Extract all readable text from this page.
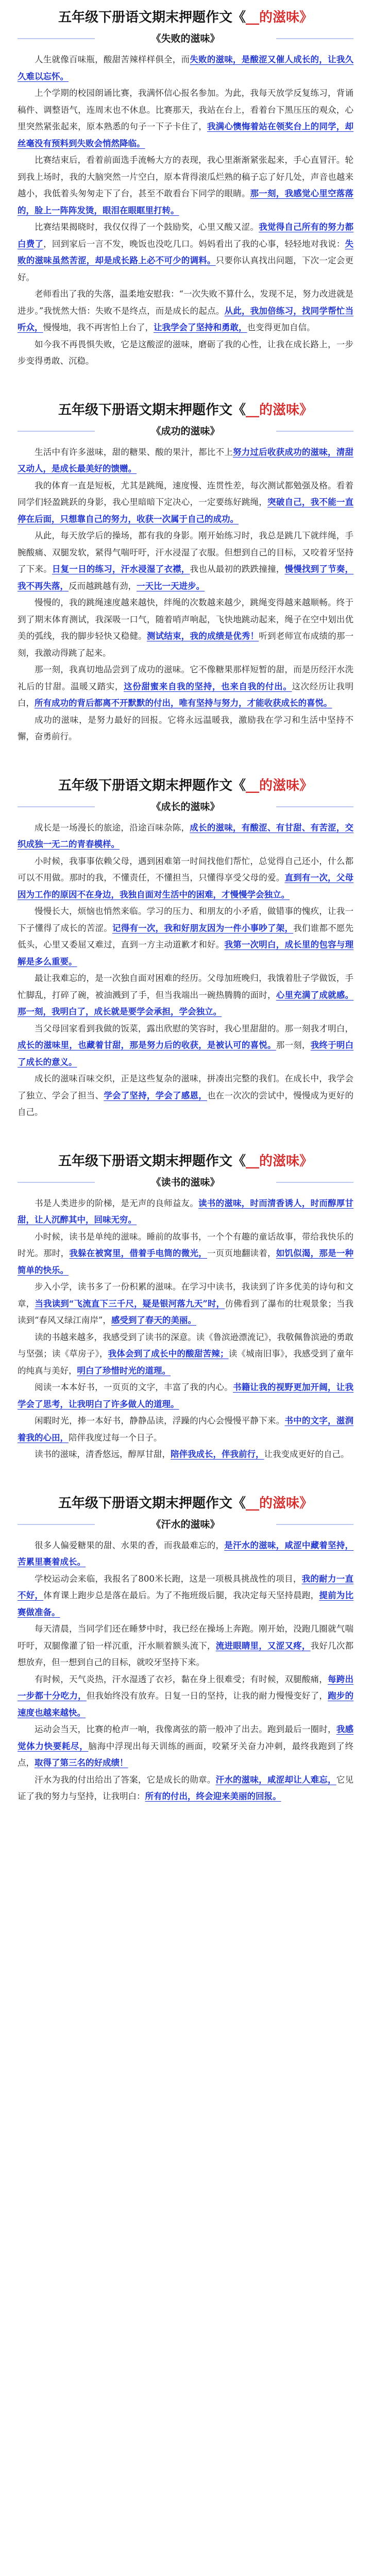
五年级下册语文期末押题作文《__的滋味》
《失败的滋味》

人生就像百味瓶，酸甜苦辣样样俱全，而失败的滋味，是酸涩又催人成长的，让我久久难以忘怀。

上个学期的校园朗诵比赛，我满怀信心报名参加。为此，我每天放学反复练习，背诵稿件、调整语气，连周末也不休息。比赛那天，我站在台上，看着台下黑压压的观众，心里突然紧张起来，原本熟悉的句子一下子卡住了，我满心懊悔着站在领奖台上的同学，却丝毫没有预料到失败会悄然降临。

比赛结束后，看着前面选手流畅大方的表现，我心里渐渐紧张起来，手心直冒汗。轮到我上场时，我的大脑突然一片空白，原本背得滚瓜烂熟的稿子忘了好几处，声音也越来越小，我低着头匆匆走下了台，甚至不敢看台下同学的眼睛。那一刻，我感觉心里空落落的，脸上一阵阵发烫，眼泪在眼眶里打转。

比赛结果揭晓时，我仅仅得了一个鼓励奖，心里又酸又涩。我觉得自己所有的努力都白费了，回到家后一言不发，晚饭也没吃几口。妈妈看出了我的心事，轻轻地对我说：失败的滋味虽然苦涩，却是成长路上必不可少的调料。只要你认真找出问题，下次一定会更好。

老师看出了我的失落，温柔地安慰我：“一次失败不算什么，发现不足，努力改进就是进步。”我恍然大悟：失败不是终点，而是成长的起点。从此，我加倍练习，找同学帮忙当听众，慢慢地，我不再害怕上台了，让我学会了坚持和勇敢，也变得更加自信。

如今我不再畏惧失败，它是这酸涩的滋味，磨砺了我的心性，让我在成长路上，一步步变得勇敢、沉稳。

五年级下册语文期末押题作文《__的滋味》
《成功的滋味》

生活中有许多滋味，甜的糖果、酸的果汁，都比不上努力过后收获成功的滋味，清甜又动人，是成长最美好的馈赠。

我的体育一直是短板，尤其是跳绳，速度慢、连贯性差，每次测试都勉强及格。看着同学们轻盈跳跃的身影，我心里暗暗下定决心，一定要练好跳绳，突破自己，我不能一直停在后面，只想靠自己的努力，收获一次属于自己的成功。

从此，每天放学后的操场，都有我的身影。刚开始练习时，我总是跳几下就绊绳，手腕酸痛、双腿发软，紧得气喘吁吁，汗水浸湿了衣服。但想到自己的目标，又咬着牙坚持了下来。日复一日的练习，汗水浸湿了衣襟，我也从最初的跌跌撞撞，慢慢找到了节奏，我不再失落，反而越跳越有劲，一天比一天进步。

慢慢的，我的跳绳速度越来越快，绊绳的次数越来越少，跳绳变得越来越顺畅。终于到了期末体育测试，我深吸一口气，随着哨声响起，飞快地跳动起来，绳子在空中划出优美的弧线，我的脚步轻快又稳健。测试结束，我的成绩是优秀！听到老师宣布成绩的那一刻，我激动得跳了起来。

那一刻，我真切地品尝到了成功的滋味。它不像糖果那样短暂的甜，而是历经汗水洗礼后的甘甜。温暖又踏实，这份甜蜜来自我的坚持，也来自我的付出。这次经历让我明白，所有成功的背后都离不开默默的付出，唯有坚持与努力，才能收获成长的喜悦。

成功的滋味，是努力最好的回报。它将永远温暖我，激励我在学习和生活中坚持不懈，奋勇前行。

五年级下册语文期末押题作文《__的滋味》
《成长的滋味》

成长是一场漫长的旅途，沿途百味杂陈，成长的滋味，有酸涩、有甘甜、有苦涩，交织成独一无二的青春模样。

小时候，我事事依赖父母，遇到困难第一时间找他们帮忙，总觉得自己还小，什么都可以不用做。那时的我，不懂责任，不懂担当，只懂得享受父母的爱。直到有一次，父母因为工作的原因不在身边，我独自面对生活中的困难，才慢慢学会独立。

慢慢长大，烦恼也悄然来临。学习的压力、和朋友的小矛盾，做错事的愧疚，让我一下子懂得了成长的苦涩。记得有一次，我和好朋友因为一件小事吵了架，我们谁都不愿先低头，心里又委屈又难过，直到一方主动道歉才和好。我第一次明白，成长里的包容与理解是多么重要。

最让我难忘的，是一次独自面对困难的经历。父母加班晚归，我饿着肚子学做饭，手忙脚乱，打碎了碗，被油溅到了手，但当我端出一碗热腾腾的面时，心里充满了成就感。那一刻，我明白了，成长就是要学会承担，学会独立。

当父母回家看到我做的饭菜，露出欣慰的笑容时，我心里甜甜的。那一刻我才明白，成长的滋味里，也藏着甘甜，那是努力后的收获，是被认可的喜悦。那一刻，我终于明白了成长的意义。

成长的滋味百味交织，正是这些复杂的滋味，拼凑出完整的我们。在成长中，我学会了独立、学会了担当、学会了坚持，学会了感恩，也在一次次的尝试中，慢慢成为更好的自己。

五年级下册语文期末押题作文《__的滋味》
《读书的滋味》

书是人类进步的阶梯，是无声的良师益友。读书的滋味，时而清香诱人，时而醇厚甘甜，让人沉醉其中，回味无穷。

小时候，读书是单纯的滋味。睡前的故事书，一个个有趣的童话故事，带给我快乐的时光。那时，我躲在被窝里，借着手电筒的微光，一页页地翻读着，如饥似渴，那是一种简单的快乐。

步入小学，读书多了一份积累的滋味。在学习中读书，我读到了许多优美的诗句和文章，当我读到“飞流直下三千尺，疑是银河落九天”时，仿佛看到了瀑布的壮观景象；当我读到“春风又绿江南岸”，感受到了春天的美丽。

读的书越来越多，我感受到了读书的深意。读《鲁滨逊漂流记》，我敬佩鲁滨逊的勇敢与坚强；读《草房子》，我体会到了成长中的酸甜苦辣；读《城南旧事》，我感受到了童年的纯真与美好，明白了珍惜时光的道理。

阅读一本本好书，一页页的文字，丰富了我的内心。书籍让我的视野更加开阔，让我学会了思考，让我明白了许多做人的道理。

闲暇时光，捧一本好书，静静品读，浮躁的内心会慢慢平静下来。书中的文字，滋润着我的心田，陪伴我度过每一个日子。

读书的滋味，清香悠远，醇厚甘甜，陪伴我成长，伴我前行，让我变成更好的自己。

五年级下册语文期末押题作文《__的滋味》
《汗水的滋味》

很多人偏爱糖果的甜、水果的香，而我最难忘的，是汗水的滋味，咸涩中藏着坚持，苦累里裹着成长。

学校运动会来临，我报名了800米长跑，这是一项极具挑战性的项目，我的耐力一直不好，体育课上跑步总是落在最后。为了不拖班级后腿，我决定每天坚持晨跑，提前为比赛做准备。

每天清晨，当同学们还在睡梦中时，我已经在操场上奔跑。刚开始，没跑几圈就气喘吁吁，双腿像灌了铅一样沉重，汗水顺着额头流下，流进眼睛里，又涩又疼，我好几次都想放弃，但一想到自己的目标，就咬牙坚持下来。

有时候，天气炎热，汗水湿透了衣衫，黏在身上很难受；有时候，双腿酸痛，每跨出一步都十分吃力，但我始终没有放弃。日复一日的坚持，让我的耐力慢慢变好了，跑步的速度也越来越快。

运动会当天，比赛的枪声一响，我像离弦的箭一般冲了出去。跑到最后一圈时，我感觉体力快要耗尽，脑海中浮现出每天训练的画面，咬紧牙关奋力冲刺，最终我跑到了终点，取得了第三名的好成绩！

汗水为我的付出给出了答案，它是成长的勋章。汗水的滋味，咸涩却让人难忘，它见证了我的努力与坚持，让我明白：所有的付出，终会迎来美丽的回报。
